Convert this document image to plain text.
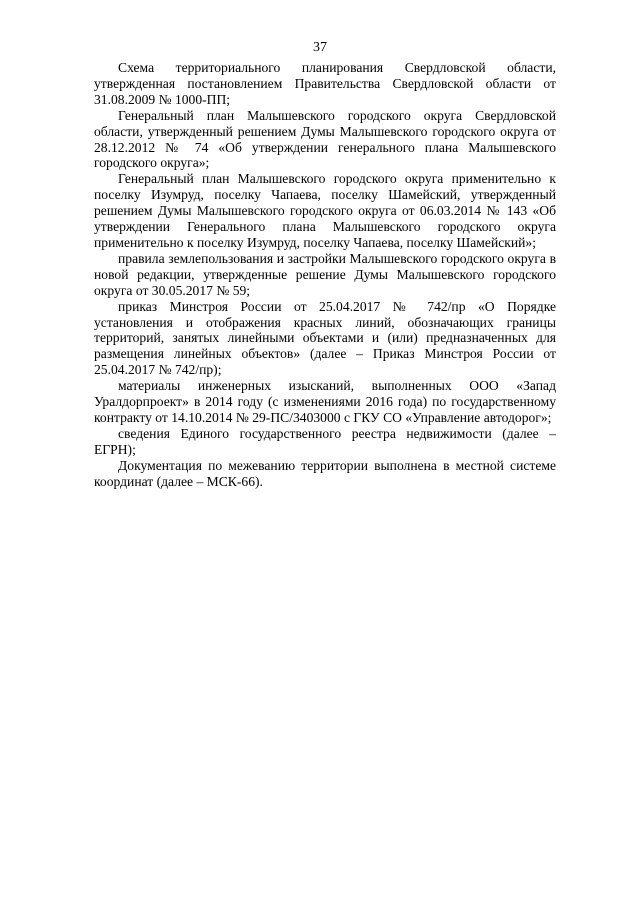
37

Схема территориального планирования Свердловской области, утвержденная постановлением Правительства Свердловской области от 31.08.2009 № 1000-ПП;

Генеральный план Малышевского городского округа Свердловской области, утвержденный решением Думы Малышевского городского округа от 28.12.2012 № 74 «Об утверждении генерального плана Малышевского городского округа»;

Генеральный план Малышевского городского округа применительно к поселку Изумруд, поселку Чапаева, поселку Шамейский, утвержденный решением Думы Малышевского городского округа от 06.03.2014 № 143 «Об утверждении Генерального плана Малышевского городского округа применительно к поселку Изумруд, поселку Чапаева, поселку Шамейский»;

правила землепользования и застройки Малышевского городского округа в новой редакции, утвержденные решение Думы Малышевского городского округа от 30.05.2017 № 59;

приказ Минстроя России от 25.04.2017 № 742/пр «О Порядке установления и отображения красных линий, обозначающих границы территорий, занятых линейными объектами и (или) предназначенных для размещения линейных объектов» (далее – Приказ Минстроя России от 25.04.2017 № 742/пр);

материалы инженерных изысканий, выполненных ООО «Запад Уралдорпроект» в 2014 году (с изменениями 2016 года) по государственному контракту от 14.10.2014 № 29-ПС/3403000 с ГКУ СО «Управление автодорог»;

сведения Единого государственного реестра недвижимости (далее – ЕГРН);

Документация по межеванию территории выполнена в местной системе координат (далее – МСК-66).
